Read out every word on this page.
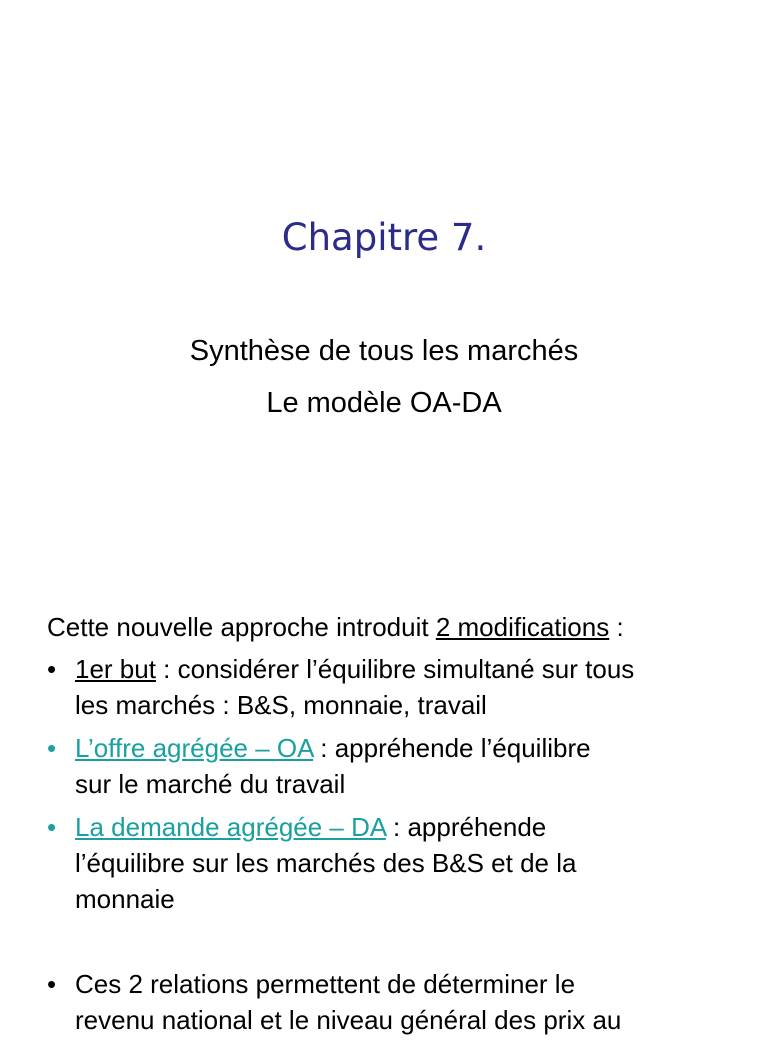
Chapitre 7.
Synthèse de tous les marchés
Le modèle OA-DA
Cette nouvelle approche introduit 2 modifications :
• 1er but : considérer l’équilibre simultané sur tous
les marchés : B&S, monnaie, travail
• L’offre agrégée – OA : appréhende l’équilibre
sur le marché du travail
• La demande agrégée – DA : appréhende
l’équilibre sur les marchés des B&S et de la
monnaie
• Ces 2 relations permettent de déterminer le
revenu national et le niveau général des prix au
